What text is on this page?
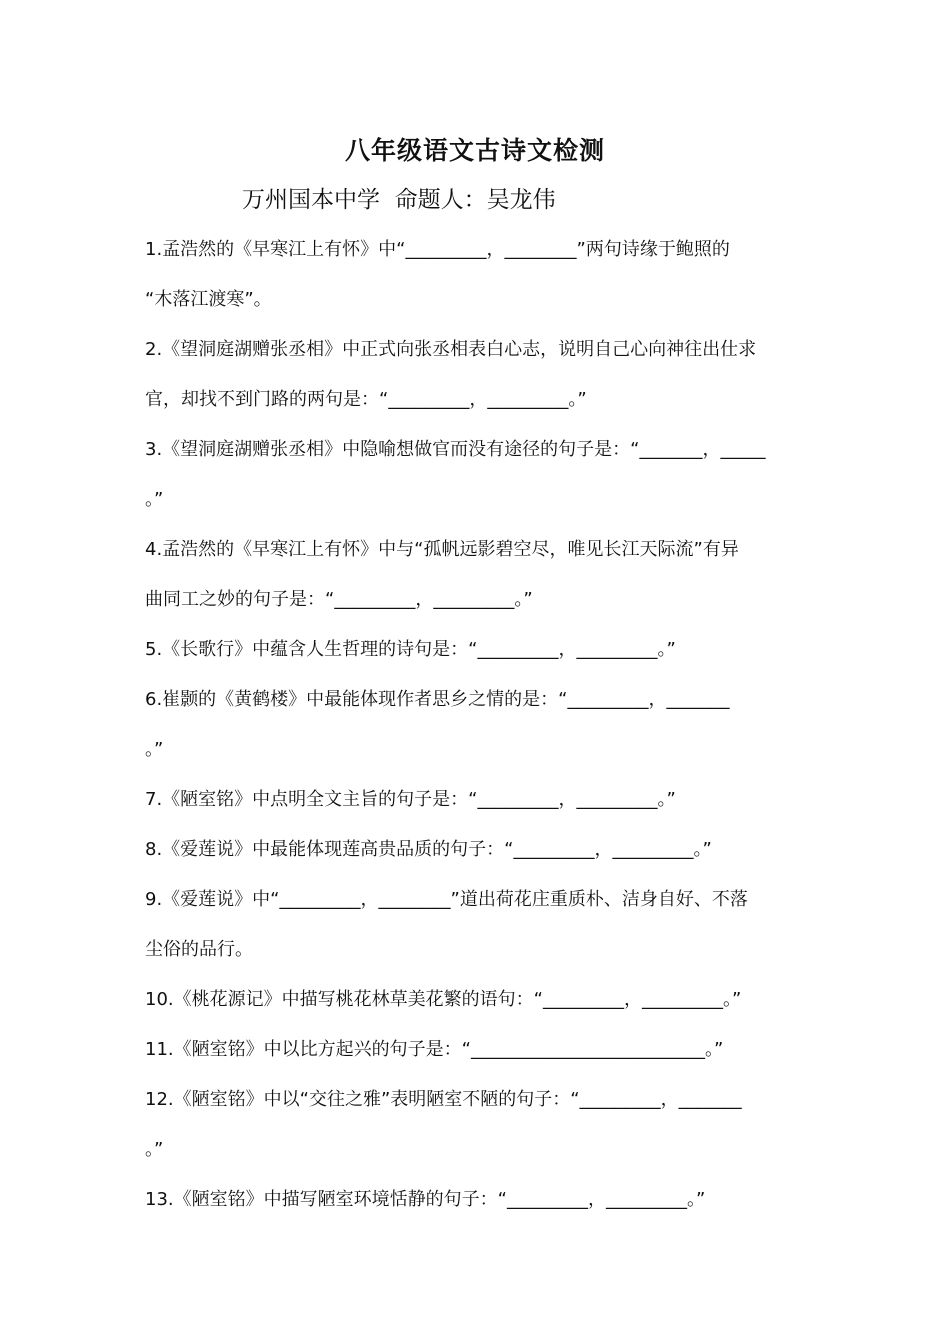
八年级语文古诗文检测
万州国本中学  命题人：吴龙伟
1.孟浩然的《早寒江上有怀》中“_________，________”两句诗缘于鲍照的
“木落江渡寒”。
2.《望洞庭湖赠张丞相》中正式向张丞相表白心志，说明自己心向神往出仕求
官，却找不到门路的两句是：“_________，_________。”
3.《望洞庭湖赠张丞相》中隐喻想做官而没有途径的句子是：“_______，_____
。”
4.孟浩然的《早寒江上有怀》中与“孤帆远影碧空尽，唯见长江天际流”有异
曲同工之妙的句子是：“_________，_________。”
5.《长歌行》中蕴含人生哲理的诗句是：“_________，_________。”
6.崔颢的《黄鹤楼》中最能体现作者思乡之情的是：“_________，_______
。”
7.《陋室铭》中点明全文主旨的句子是：“_________，_________。”
8.《爱莲说》中最能体现莲高贵品质的句子：“_________，_________。”
9.《爱莲说》中“_________，________”道出荷花庄重质朴、洁身自好、不落
尘俗的品行。
10.《桃花源记》中描写桃花林草美花繁的语句：“_________，_________。”
11.《陋室铭》中以比方起兴的句子是：“__________________________。”
12.《陋室铭》中以“交往之雅”表明陋室不陋的句子：“_________，_______
。”
13.《陋室铭》中描写陋室环境恬静的句子：“_________，_________。”
